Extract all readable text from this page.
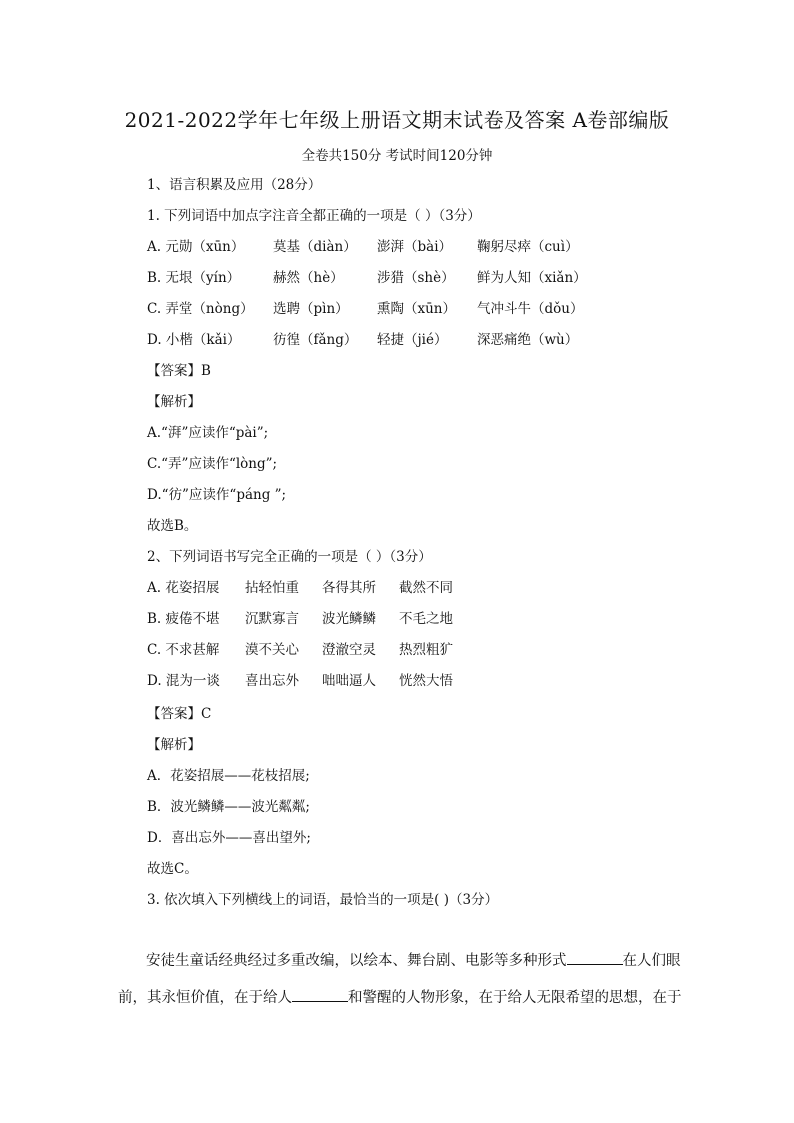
2021-2022学年七年级上册语文期末试卷及答案 A卷部编版
全卷共150分 考试时间120分钟
1、语言积累及应用（28分）
1. 下列词语中加点字注音全都正确的一项是（ ）（3分）
A. 元勋（xūn） 莫基（diàn） 澎湃（bài） 鞠躬尽瘁（cuì）
B. 无垠（yín） 赫然（hè） 涉猎（shè） 鲜为人知（xiǎn）
C. 弄堂（nòng） 选聘（pìn） 熏陶（xūn） 气冲斗牛（dǒu）
D. 小楷（kǎi） 彷徨（fǎng） 轻捷（jié） 深恶痛绝（wù）
【答案】B
【解析】
A.“湃”应读作“pài”;
C.“弄”应读作“lòng”;
D.“彷”应读作“páng ”;
故选B。
2、下列词语书写完全正确的一项是（ ）（3分）
A. 花姿招展 拈轻怕重 各得其所 截然不同
B. 疲倦不堪 沉默寡言 波光鳞鳞 不毛之地
C. 不求甚解 漠不关心 澄澈空灵 热烈粗犷
D. 混为一谈 喜出忘外 咄咄逼人 恍然大悟
【答案】C
【解析】
A．花姿招展——花枝招展;
B．波光鳞鳞——波光粼粼;
D．喜出忘外——喜出望外;
故选C。
3. 依次填入下列横线上的词语，最恰当的一项是( )（3分）
安徒生童话经典经过多重改编，以绘本、舞台剧、电影等多种形式	在人们眼
前，其永恒价值，在于给人	和警醒的人物形象，在于给人无限希望的思想，在于
